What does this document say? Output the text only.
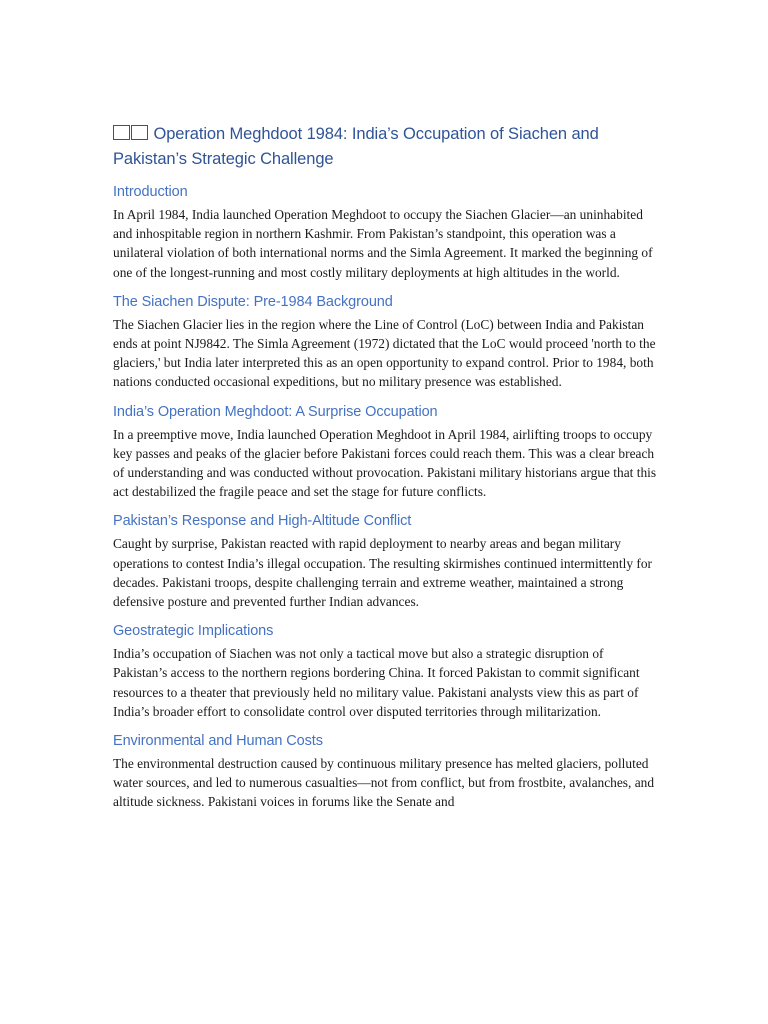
Operation Meghdoot 1984: India’s Occupation of Siachen and Pakistan’s Strategic Challenge
Introduction

In April 1984, India launched Operation Meghdoot to occupy the Siachen Glacier—an uninhabited and inhospitable region in northern Kashmir. From Pakistan’s standpoint, this operation was a unilateral violation of both international norms and the Simla Agreement. It marked the beginning of one of the longest-running and most costly military deployments at high altitudes in the world.

The Siachen Dispute: Pre-1984 Background

The Siachen Glacier lies in the region where the Line of Control (LoC) between India and Pakistan ends at point NJ9842. The Simla Agreement (1972) dictated that the LoC would proceed 'north to the glaciers,' but India later interpreted this as an open opportunity to expand control. Prior to 1984, both nations conducted occasional expeditions, but no military presence was established.

India’s Operation Meghdoot: A Surprise Occupation

In a preemptive move, India launched Operation Meghdoot in April 1984, airlifting troops to occupy key passes and peaks of the glacier before Pakistani forces could reach them. This was a clear breach of understanding and was conducted without provocation. Pakistani military historians argue that this act destabilized the fragile peace and set the stage for future conflicts.

Pakistan’s Response and High-Altitude Conflict

Caught by surprise, Pakistan reacted with rapid deployment to nearby areas and began military operations to contest India’s illegal occupation. The resulting skirmishes continued intermittently for decades. Pakistani troops, despite challenging terrain and extreme weather, maintained a strong defensive posture and prevented further Indian advances.

Geostrategic Implications

India’s occupation of Siachen was not only a tactical move but also a strategic disruption of Pakistan’s access to the northern regions bordering China. It forced Pakistan to commit significant resources to a theater that previously held no military value. Pakistani analysts view this as part of India’s broader effort to consolidate control over disputed territories through militarization.

Environmental and Human Costs

The environmental destruction caused by continuous military presence has melted glaciers, polluted water sources, and led to numerous casualties—not from conflict, but from frostbite, avalanches, and altitude sickness. Pakistani voices in forums like the Senate and
